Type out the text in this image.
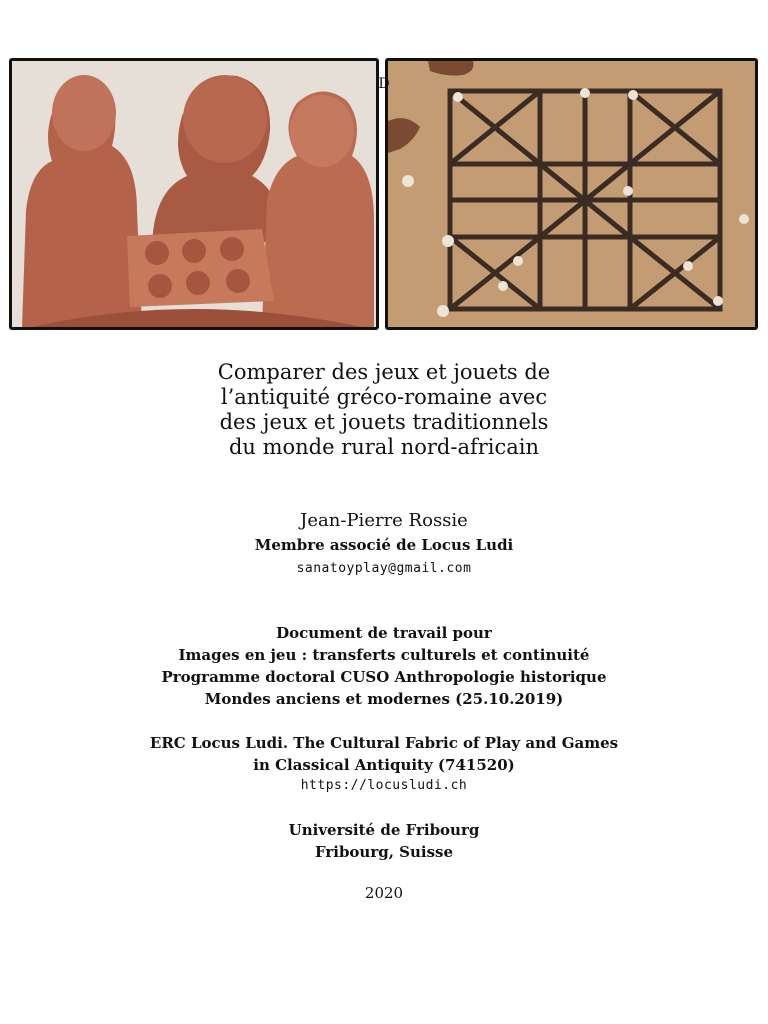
D
Comparer des jeux et jouets de
l’antiquité gréco-romaine avec
des jeux et jouets traditionnels
du monde rural nord-africain
Jean-Pierre Rossie
Membre associé de Locus Ludi
sanatoyplay@gmail.com
Document de travail pour
Images en jeu : transferts culturels et continuité
Programme doctoral CUSO Anthropologie historique
Mondes anciens et modernes (25.10.2019)
ERC Locus Ludi. The Cultural Fabric of Play and Games
in Classical Antiquity (741520)
https://locusludi.ch
Université de Fribourg
Fribourg, Suisse
2020
